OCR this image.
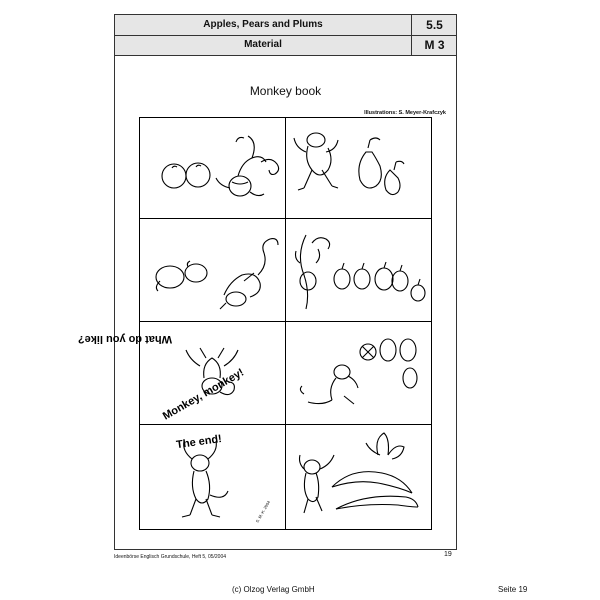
Apples, Pears and Plums	5.5
Material	M 3
Monkey book
Illustrations: S. Meyer-Krafczyk
What do you like?
Monkey, monkey!
The end!
S. M.-K. 2004
Ideenbörse Englisch Grundschule, Heft 5, 05/2004	19
(c) Olzog Verlag GmbH	Seite 19
